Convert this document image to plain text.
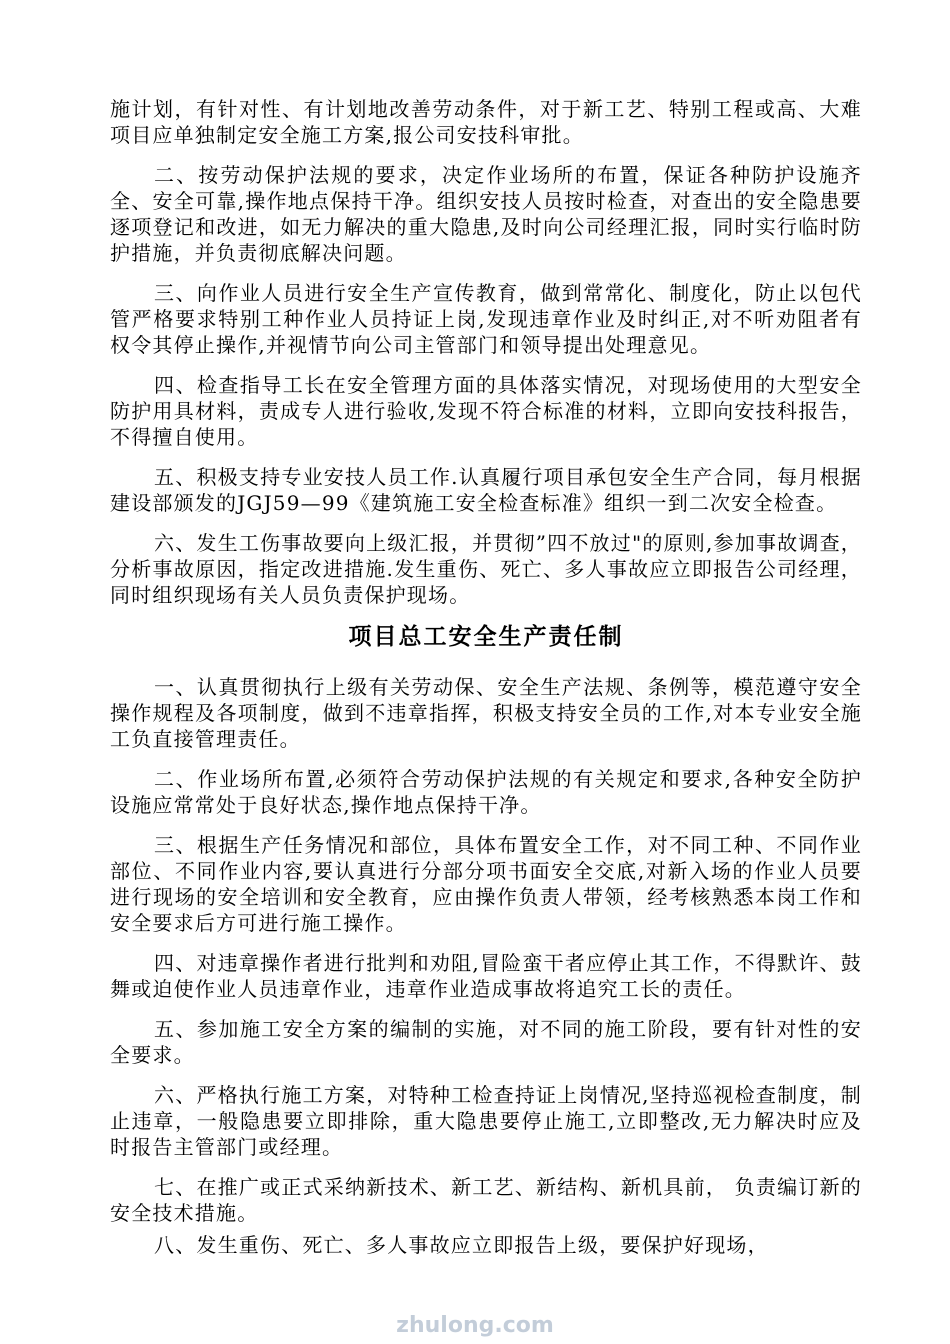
施计划，有针对性、有计划地改善劳动条件，对于新工艺、特别工程或高、大难项目应单独制定安全施工方案,报公司安技科审批。

二、按劳动保护法规的要求，决定作业场所的布置，保证各种防护设施齐全、安全可靠,操作地点保持干净。组织安技人员按时检查，对查出的安全隐患要逐项登记和改进，如无力解决的重大隐患,及时向公司经理汇报，同时实行临时防护措施，并负责彻底解决问题。

三、向作业人员进行安全生产宣传教育，做到常常化、制度化，防止以包代管严格要求特别工种作业人员持证上岗,发现违章作业及时纠正,对不听劝阻者有权令其停止操作,并视情节向公司主管部门和领导提出处理意见。

四、检查指导工长在安全管理方面的具体落实情况，对现场使用的大型安全防护用具材料，责成专人进行验收,发现不符合标准的材料，立即向安技科报告，不得擅自使用。

五、积极支持专业安技人员工作.认真履行项目承包安全生产合同，每月根据建设部颁发的JGJ59—99《建筑施工安全检查标准》组织一到二次安全检查。

六、发生工伤事故要向上级汇报，并贯彻”四不放过"的原则,参加事故调查，分析事故原因，指定改进措施.发生重伤、死亡、多人事故应立即报告公司经理，同时组织现场有关人员负责保护现场。

项目总工安全生产责任制

一、认真贯彻执行上级有关劳动保、安全生产法规、条例等，模范遵守安全操作规程及各项制度，做到不违章指挥，积极支持安全员的工作,对本专业安全施工负直接管理责任。

二、作业场所布置,必须符合劳动保护法规的有关规定和要求,各种安全防护设施应常常处于良好状态,操作地点保持干净。

三、根据生产任务情况和部位，具体布置安全工作，对不同工种、不同作业部位、不同作业内容,要认真进行分部分项书面安全交底,对新入场的作业人员要进行现场的安全培训和安全教育，应由操作负责人带领，经考核熟悉本岗工作和安全要求后方可进行施工操作。

四、对违章操作者进行批判和劝阻,冒险蛮干者应停止其工作，不得默许、鼓舞或迫使作业人员违章作业，违章作业造成事故将追究工长的责任。

五、参加施工安全方案的编制的实施，对不同的施工阶段，要有针对性的安全要求。

六、严格执行施工方案，对特种工检查持证上岗情况,坚持巡视检查制度，制止违章，一般隐患要立即排除，重大隐患要停止施工,立即整改,无力解决时应及时报告主管部门或经理。

七、在推广或正式采纳新技术、新工艺、新结构、新机具前， 负责编订新的安全技术措施。

八、发生重伤、死亡、多人事故应立即报告上级，要保护好现场，

zhulong.com
